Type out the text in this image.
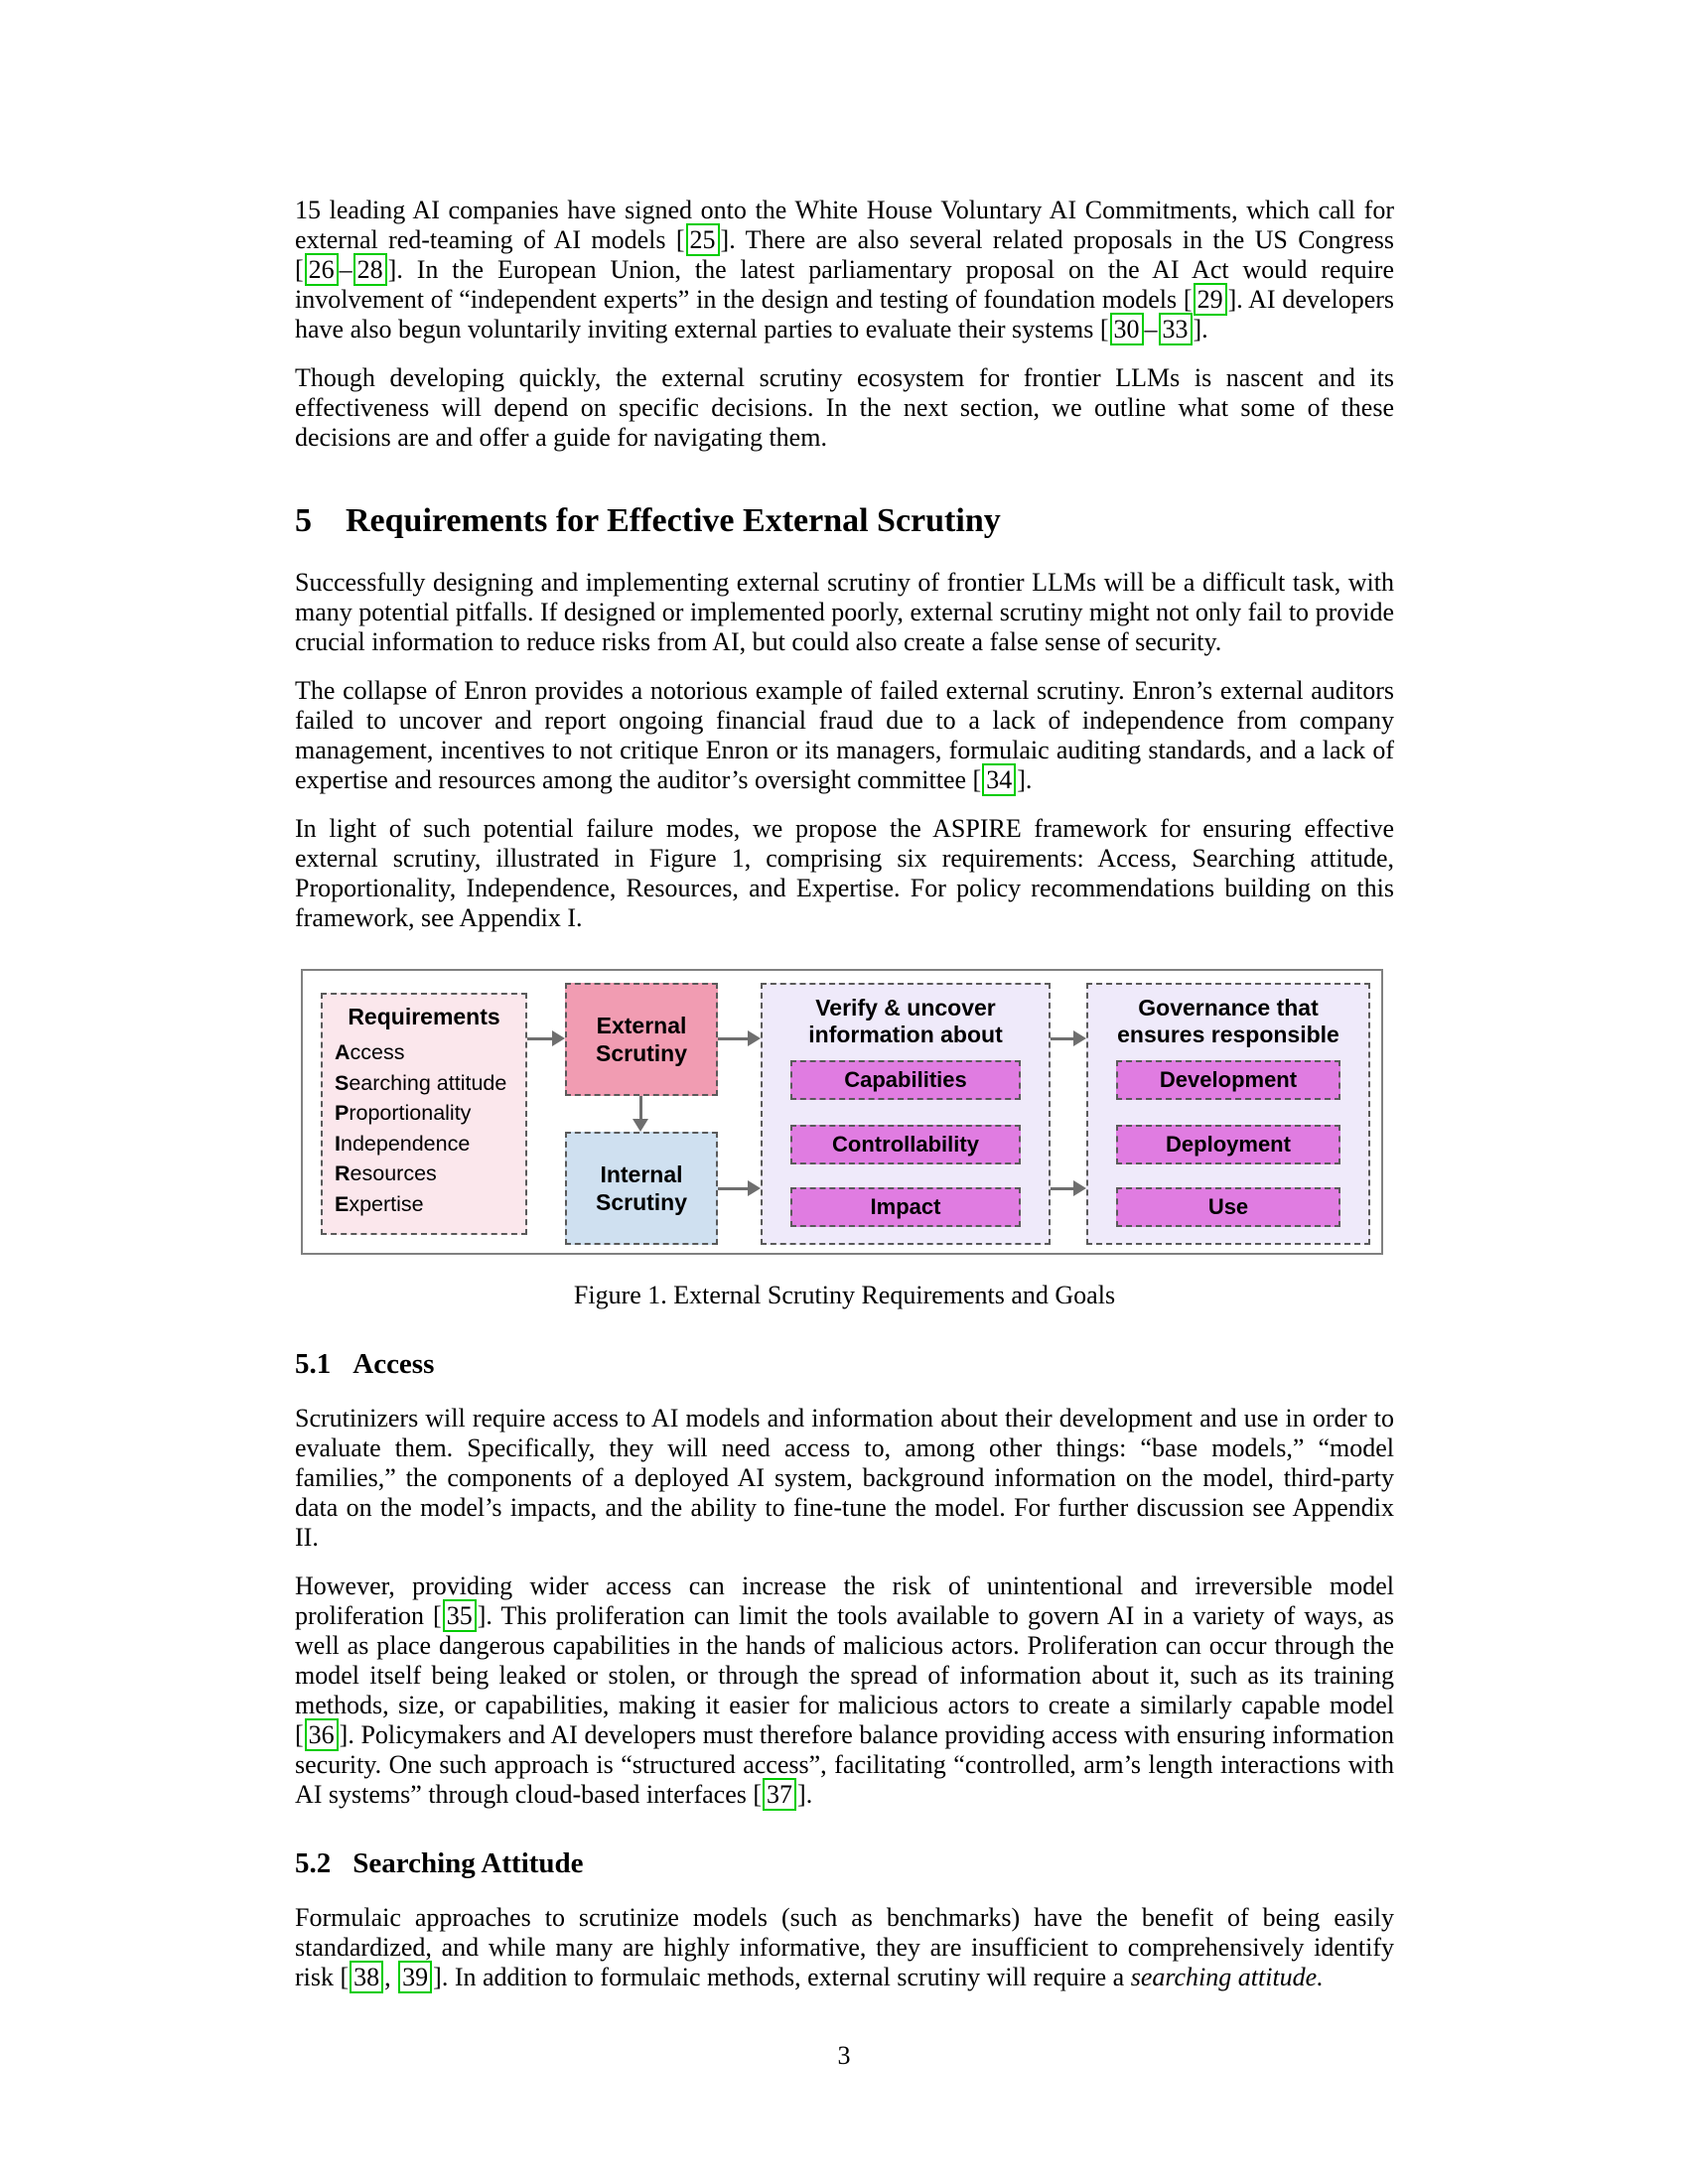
15 leading AI companies have signed onto the White House Voluntary AI Commitments, which call for external red-teaming of AI models [ 25 ]. There are also several related proposals in the US Congress [ 26 – 28 ]. In the European Union, the latest parliamentary proposal on the AI Act would require involvement of “independent experts” in the design and testing of foundation models [ 29 ]. AI developers have also begun voluntarily inviting external parties to evaluate their systems [ 30 – 33 ].

Though developing quickly, the external scrutiny ecosystem for frontier LLMs is nascent and its effectiveness will depend on specific decisions. In the next section, we outline what some of these decisions are and offer a guide for navigating them.

5 Requirements for Effective External Scrutiny

Successfully designing and implementing external scrutiny of frontier LLMs will be a difficult task, with many potential pitfalls. If designed or implemented poorly, external scrutiny might not only fail to provide crucial information to reduce risks from AI, but could also create a false sense of security.

The collapse of Enron provides a notorious example of failed external scrutiny. Enron’s external auditors failed to uncover and report ongoing financial fraud due to a lack of independence from company management, incentives to not critique Enron or its managers, formulaic auditing standards, and a lack of expertise and resources among the auditor’s oversight committee [ 34 ].

In light of such potential failure modes, we propose the ASPIRE framework for ensuring effective external scrutiny, illustrated in Figure 1, comprising six requirements: Access, Searching attitude, Proportionality, Independence, Resources, and Expertise. For policy recommendations building on this framework, see Appendix I.

Requirements
Access
Searching attitude
Proportionality
Independence
Resources
Expertise
External Scrutiny
Internal Scrutiny
Verify & uncover information about
Capabilities
Controllability
Impact
Governance that ensures responsible
Development
Deployment
Use
Figure 1. External Scrutiny Requirements and Goals
5.1 Access

Scrutinizers will require access to AI models and information about their development and use in order to evaluate them. Specifically, they will need access to, among other things: “base models,” “model families,” the components of a deployed AI system, background information on the model, third-party data on the model’s impacts, and the ability to fine-tune the model. For further discussion see Appendix II.

However, providing wider access can increase the risk of unintentional and irreversible model proliferation [ 35 ]. This proliferation can limit the tools available to govern AI in a variety of ways, as well as place dangerous capabilities in the hands of malicious actors. Proliferation can occur through the model itself being leaked or stolen, or through the spread of information about it, such as its training methods, size, or capabilities, making it easier for malicious actors to create a similarly capable model [ 36 ]. Policymakers and AI developers must therefore balance providing access with ensuring information security. One such approach is “structured access”, facilitating “controlled, arm’s length interactions with AI systems” through cloud-based interfaces [ 37 ].

5.2 Searching Attitude

Formulaic approaches to scrutinize models (such as benchmarks) have the benefit of being easily standardized, and while many are highly informative, they are insufficient to comprehensively identify risk [ 38 , 39 ]. In addition to formulaic methods, external scrutiny will require a searching attitude.

3
